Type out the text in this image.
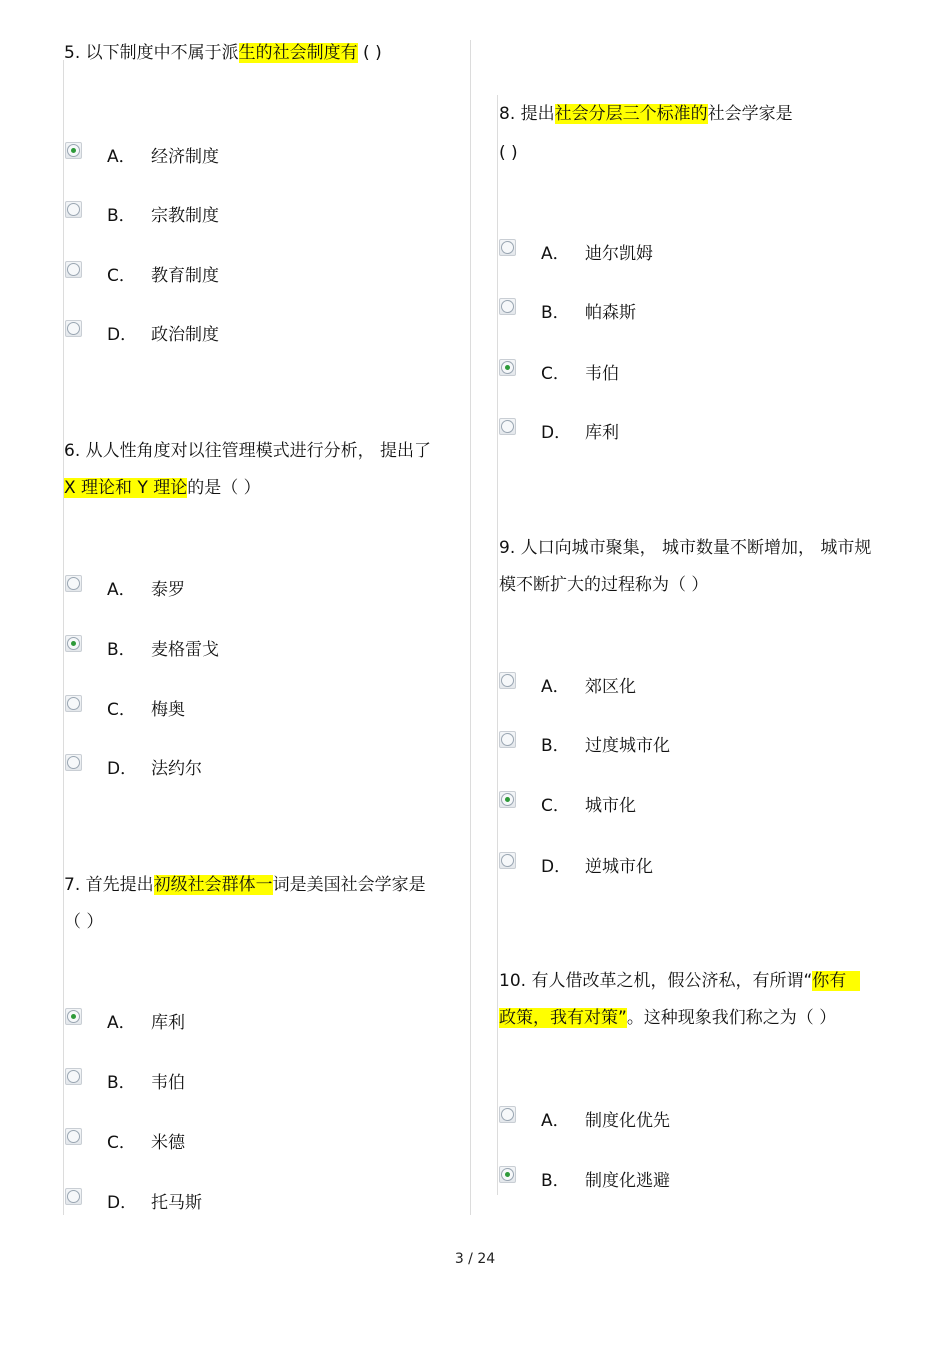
5. 以下制度中不属于派生的社会制度有 ( )
A． 经济制度
B． 宗教制度
C． 教育制度
D． 政治制度
6. 从人性角度对以往管理模式进行分析， 提出了
X 理论和 Y 理论的是（ ）
A． 泰罗
B． 麦格雷戈
C． 梅奥
D． 法约尔
7. 首先提出初级社会群体一词是美国社会学家是
（ ）
A． 库利
B． 韦伯
C． 米德
D． 托马斯
8. 提出社会分层三个标准的社会学家是
( )
A． 迪尔凯姆
B． 帕森斯
C． 韦伯
D． 库利
9. 人口向城市聚集， 城市数量不断增加， 城市规
模不断扩大的过程称为（ ）
A． 郊区化
B． 过度城市化
C． 城市化
D． 逆城市化
10. 有人借改革之机，假公济私，有所谓“你有
政策，我有对策”。这种现象我们称之为（ ）
A． 制度化优先
B． 制度化逃避
3 / 24
